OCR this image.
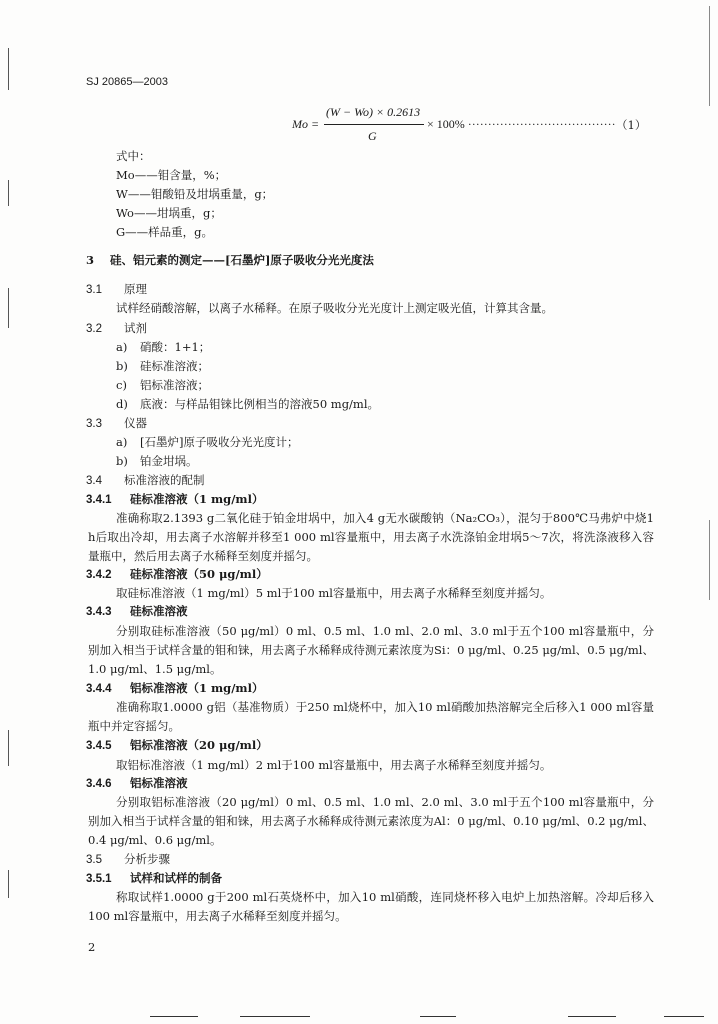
SJ 20865—2003
Mo =
(W − Wo) × 0.2613
G
× 100% ····································· （1）
式中：
Mo——钼含量，%；
W——钼酸铅及坩埚重量，g；
Wo——坩埚重，g；
G——样品重，g。
3 硅、铝元素的测定——[石墨炉]原子吸收分光光度法
3.1 原理
试样经硝酸溶解，以离子水稀释。在原子吸收分光光度计上测定吸光值，计算其含量。
3.2 试剂
a) 硝酸：1+1；
b) 硅标准溶液；
c) 铝标准溶液；
d) 底液：与样品钼铼比例相当的溶液50 mg/ml。
3.3 仪器
a) [石墨炉]原子吸收分光光度计；
b) 铂金坩埚。
3.4 标准溶液的配制
3.4.1 硅标准溶液（1 mg/ml）
准确称取2.1393 g二氧化硅于铂金坩埚中，加入4 g无水碳酸钠（Na₂CO₃），混匀于800℃马弗炉中烧1 h后取出冷却，用去离子水溶解并移至1 000 ml容量瓶中，用去离子水洗涤铂金坩埚5～7次，将洗涤液移入容量瓶中，然后用去离子水稀释至刻度并摇匀。
3.4.2 硅标准溶液（50 μg/ml）
取硅标准溶液（1 mg/ml）5 ml于100 ml容量瓶中，用去离子水稀释至刻度并摇匀。
3.4.3 硅标准溶液
分别取硅标准溶液（50 μg/ml）0 ml、0.5 ml、1.0 ml、2.0 ml、3.0 ml于五个100 ml容量瓶中，分别加入相当于试样含量的钼和铼，用去离子水稀释成待测元素浓度为Si：0 μg/ml、0.25 μg/ml、0.5 μg/ml、1.0 μg/ml、1.5 μg/ml。
3.4.4 铝标准溶液（1 mg/ml）
准确称取1.0000 g铝（基准物质）于250 ml烧杯中，加入10 ml硝酸加热溶解完全后移入1 000 ml容量瓶中并定容摇匀。
3.4.5 铝标准溶液（20 μg/ml）
取铝标准溶液（1 mg/ml）2 ml于100 ml容量瓶中，用去离子水稀释至刻度并摇匀。
3.4.6 铝标准溶液
分别取铝标准溶液（20 μg/ml）0 ml、0.5 ml、1.0 ml、2.0 ml、3.0 ml于五个100 ml容量瓶中，分别加入相当于试样含量的钼和铼，用去离子水稀释成待测元素浓度为Al：0 μg/ml、0.10 μg/ml、0.2 μg/ml、0.4 μg/ml、0.6 μg/ml。
3.5 分析步骤
3.5.1 试样和试样的制备
称取试样1.0000 g于200 ml石英烧杯中，加入10 ml硝酸，连同烧杯移入电炉上加热溶解。冷却后移入100 ml容量瓶中，用去离子水稀释至刻度并摇匀。
2
